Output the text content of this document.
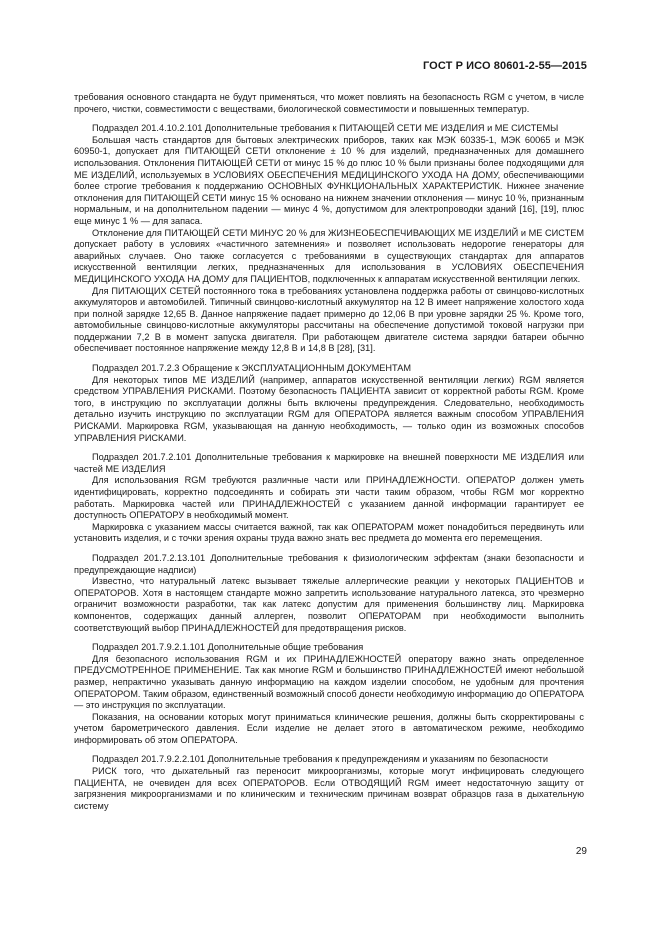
ГОСТ Р ИСО 80601-2-55—2015

требования основного стандарта не будут применяться, что может повлиять на безопасность RGM с учетом, в числе прочего, чистки, совместимости с веществами, биологической совместимости и повышенных температур.

Подраздел 201.4.10.2.101 Дополнительные требования к ПИТАЮЩЕЙ СЕТИ МЕ ИЗДЕЛИЯ и МЕ СИСТЕМЫ

Большая часть стандартов для бытовых электрических приборов, таких как МЭК 60335-1, МЭК 60065 и МЭК 60950-1, допускает для ПИТАЮЩЕЙ СЕТИ отклонение ± 10 % для изделий, предназначенных для домашнего использования. Отклонения ПИТАЮЩЕЙ СЕТИ от минус 15 % до плюс 10 % были признаны более подходящими для МЕ ИЗДЕЛИЙ, используемых в УСЛОВИЯХ ОБЕСПЕЧЕНИЯ МЕДИЦИНСКОГО УХОДА НА ДОМУ, обеспечивающими более строгие требования к поддержанию ОСНОВНЫХ ФУНКЦИОНАЛЬНЫХ ХАРАКТЕРИСТИК. Нижнее значение отклонения для ПИТАЮЩЕЙ СЕТИ минус 15 % основано на нижнем значении отклонения — минус 10 %, признанным нормальным, и на дополнительном падении — минус 4 %, допустимом для электропроводки зданий [16], [19], плюс еще минус 1 % — для запаса.

Отклонение для ПИТАЮЩЕЙ СЕТИ МИНУС 20 % для ЖИЗНЕОБЕСПЕЧИВАЮЩИХ МЕ ИЗДЕЛИЙ и МЕ СИСТЕМ допускает работу в условиях «частичного затемнения» и позволяет использовать недорогие генераторы для аварийных случаев. Оно также согласуется с требованиями в существующих стандартах для аппаратов искусственной вентиляции легких, предназначенных для использования в УСЛОВИЯХ ОБЕСПЕЧЕНИЯ МЕДИЦИНСКОГО УХОДА НА ДОМУ для ПАЦИЕНТОВ, подключенных к аппаратам искусственной вентиляции легких.

Для ПИТАЮЩИХ СЕТЕЙ постоянного тока в требованиях установлена поддержка работы от свинцово-кислотных аккумуляторов и автомобилей. Типичный свинцово-кислотный аккумулятор на 12 В имеет напряжение холостого хода при полной зарядке 12,65 В. Данное напряжение падает примерно до 12,06 В при уровне зарядки 25 %. Кроме того, автомобильные свинцово-кислотные аккумуляторы рассчитаны на обеспечение допустимой токовой нагрузки при поддержании 7,2 В в момент запуска двигателя. При работающем двигателе система зарядки батареи обычно обеспечивает постоянное напряжение между 12,8 В и 14,8 В [28], [31].

Подраздел 201.7.2.3 Обращение к ЭКСПЛУАТАЦИОННЫМ ДОКУМЕНТАМ

Для некоторых типов МЕ ИЗДЕЛИЙ (например, аппаратов искусственной вентиляции легких) RGM является средством УПРАВЛЕНИЯ РИСКАМИ. Поэтому безопасность ПАЦИЕНТА зависит от корректной работы RGM. Кроме того, в инструкцию по эксплуатации должны быть включены предупреждения. Следовательно, необходимость детально изучить инструкцию по эксплуатации RGM для ОПЕРАТОРА является важным способом УПРАВЛЕНИЯ РИСКАМИ. Маркировка RGM, указывающая на данную необходимость, — только один из возможных способов УПРАВЛЕНИЯ РИСКАМИ.

Подраздел 201.7.2.101 Дополнительные требования к маркировке на внешней поверхности МЕ ИЗДЕЛИЯ или частей МЕ ИЗДЕЛИЯ

Для использования RGM требуются различные части или ПРИНАДЛЕЖНОСТИ. ОПЕРАТОР должен уметь идентифицировать, корректно подсоединять и собирать эти части таким образом, чтобы RGM мог корректно работать. Маркировка частей или ПРИНАДЛЕЖНОСТЕЙ с указанием данной информации гарантирует ее доступность ОПЕРАТОРУ в необходимый момент.

Маркировка с указанием массы считается важной, так как ОПЕРАТОРАМ может понадобиться передвинуть или установить изделия, и с точки зрения охраны труда важно знать вес предмета до момента его перемещения.

Подраздел 201.7.2.13.101 Дополнительные требования к физиологическим эффектам (знаки безопасности и предупреждающие надписи)

Известно, что натуральный латекс вызывает тяжелые аллергические реакции у некоторых ПАЦИЕНТОВ и ОПЕРАТОРОВ. Хотя в настоящем стандарте можно запретить использование натурального латекса, это чрезмерно ограничит возможности разработки, так как латекс допустим для применения большинству лиц. Маркировка компонентов, содержащих данный аллерген, позволит ОПЕРАТОРАМ при необходимости выполнить соответствующий выбор ПРИНАДЛЕЖНОСТЕЙ для предотвращения рисков.

Подраздел 201.7.9.2.1.101 Дополнительные общие требования

Для безопасного использования RGM и их ПРИНАДЛЕЖНОСТЕЙ оператору важно знать определенное ПРЕДУСМОТРЕННОЕ ПРИМЕНЕНИЕ. Так как многие RGM и большинство ПРИНАДЛЕЖНОСТЕЙ имеют небольшой размер, непрактично указывать данную информацию на каждом изделии способом, не удобным для прочтения ОПЕРАТОРОМ. Таким образом, единственный возможный способ донести необходимую информацию до ОПЕРАТОРА — это инструкция по эксплуатации.

Показания, на основании которых могут приниматься клинические решения, должны быть скорректированы с учетом барометрического давления. Если изделие не делает этого в автоматическом режиме, необходимо информировать об этом ОПЕРАТОРА.

Подраздел 201.7.9.2.2.101 Дополнительные требования к предупреждениям и указаниям по безопасности

РИСК того, что дыхательный газ переносит микроорганизмы, которые могут инфицировать следующего ПАЦИЕНТА, не очевиден для всех ОПЕРАТОРОВ. Если ОТВОДЯЩИЙ RGM имеет недостаточную защиту от загрязнения микроорганизмами и по клиническим и техническим причинам возврат образцов газа в дыхательную систему

29
